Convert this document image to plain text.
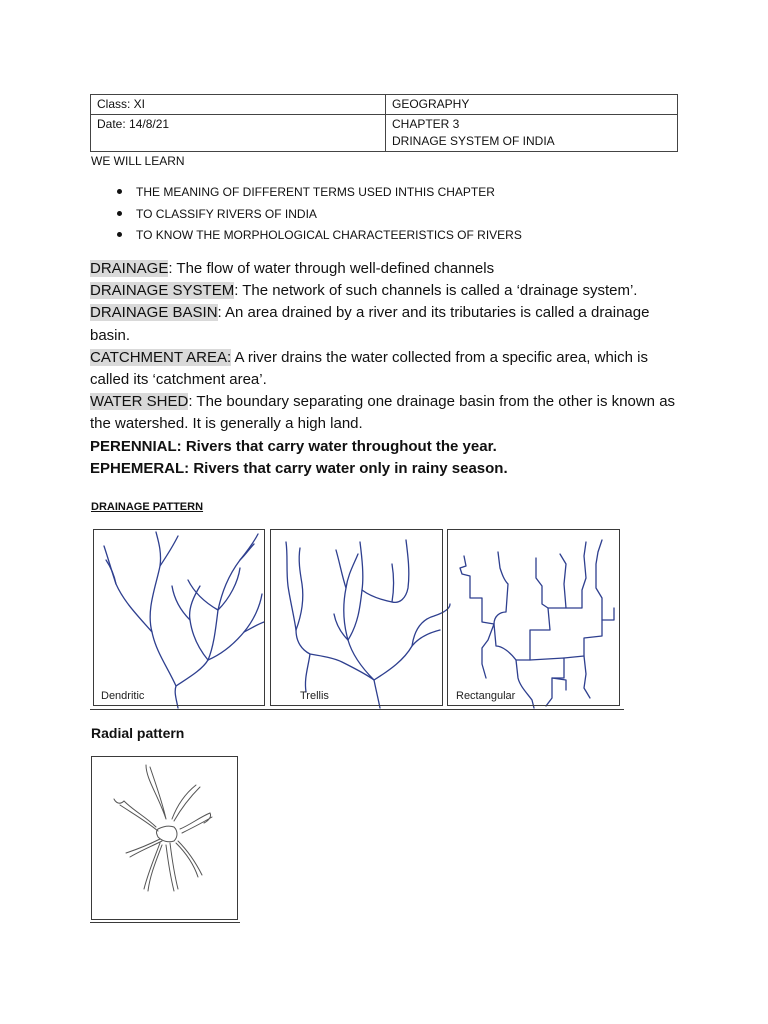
Class: XI	GEOGRAPHY
Date: 14/8/21	CHAPTER 3
DRINAGE SYSTEM OF INDIA
WE WILL LEARN
THE MEANING OF DIFFERENT TERMS USED INTHIS CHAPTER
TO CLASSIFY RIVERS OF INDIA
TO KNOW THE MORPHOLOGICAL CHARACTEERISTICS OF RIVERS

DRAINAGE: The flow of water through well-defined channels

DRAINAGE SYSTEM: The network of such channels is called a ‘drainage system’.

DRAINAGE BASIN: An area drained by a river and its tributaries is called a drainage basin.

CATCHMENT AREA: A river drains the water collected from a specific area, which is called its ‘catchment area’.

WATER SHED: The boundary separating one drainage basin from the other is known as the watershed. It is generally a high land.

PERENNIAL: Rivers that carry water throughout the year.

EPHEMERAL: Rivers that carry water only in rainy season.

DRAINAGE PATTERN
Dendritic	Trellis	Rectangular
Radial pattern
